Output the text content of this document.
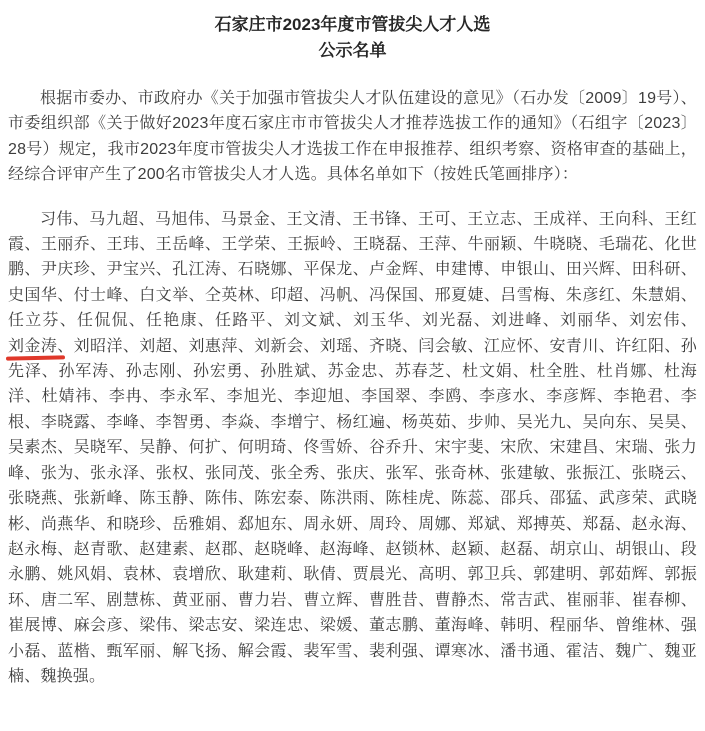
石家庄市2023年度市管拔尖人才人选
公示名单

根据市委办、市政府办《关于加强市管拔尖人才队伍建设的意见》（石办发〔2009〕19号）、市委组织部《关于做好2023年度石家庄市市管拔尖人才推荐选拔工作的通知》（石组字〔2023〕28号）规定，我市2023年度市管拔尖人才选拔工作在申报推荐、组织考察、资格审查的基础上，经综合评审产生了200名市管拔尖人才人选。具体名单如下（按姓氏笔画排序）：

习伟、马九超、马旭伟、马景金、王文清、王书锋、王可、王立志、王成祥、王向科、王红霞、王丽乔、王玮、王岳峰、王学荣、王振岭、王晓磊、王萍、牛丽颖、牛晓晓、毛瑞花、化世鹏、尹庆珍、尹宝兴、孔江涛、石晓娜、平保龙、卢金辉、申建博、申银山、田兴辉、田科研、史国华、付士峰、白文举、仝英林、印超、冯帆、冯保国、邢夏婕、吕雪梅、朱彦红、朱慧娟、任立芬、任侃侃、任艳康、任路平、刘文斌、刘玉华、刘光磊、刘进峰、刘丽华、刘宏伟、刘金涛、刘昭洋、刘超、刘惠萍、刘新会、刘瑶、齐晓、闫会敏、江应怀、安青川、许红阳、孙先泽、孙军涛、孙志刚、孙宏勇、孙胜斌、苏金忠、苏春芝、杜文娟、杜全胜、杜肖娜、杜海洋、杜婧祎、李冉、李永军、李旭光、李迎旭、李国翠、李鸥、李彦水、李彦辉、李艳君、李根、李晓露、李峰、李智勇、李焱、李增宁、杨红遍、杨英茹、步帅、吴光九、吴向东、吴昊、吴素杰、吴晓军、吴静、何扩、何明琦、佟雪娇、谷乔升、宋宇斐、宋欣、宋建昌、宋瑞、张力峰、张为、张永泽、张权、张同茂、张全秀、张庆、张军、张奇林、张建敏、张振江、张晓云、张晓燕、张新峰、陈玉静、陈伟、陈宏泰、陈洪雨、陈桂虎、陈蕊、邵兵、邵猛、武彦荣、武晓彬、尚燕华、和晓珍、岳雅娟、郄旭东、周永妍、周玲、周娜、郑斌、郑搏英、郑磊、赵永海、赵永梅、赵青歌、赵建素、赵郡、赵晓峰、赵海峰、赵锁林、赵颖、赵磊、胡京山、胡银山、段永鹏、姚风娟、袁林、袁增欣、耿建莉、耿倩、贾晨光、高明、郭卫兵、郭建明、郭茹辉、郭振环、唐二军、剧慧栋、黄亚丽、曹力岩、曹立辉、曹胜昔、曹静杰、常吉武、崔丽菲、崔春柳、崔展博、麻会彦、梁伟、梁志安、梁连忠、梁媛、董志鹏、董海峰、韩明、程丽华、曾维林、强小磊、蓝楷、甄军丽、解飞扬、解会霞、裴军雪、裴利强、谭寒冰、潘书通、霍洁、魏广、魏亚楠、魏换强。
